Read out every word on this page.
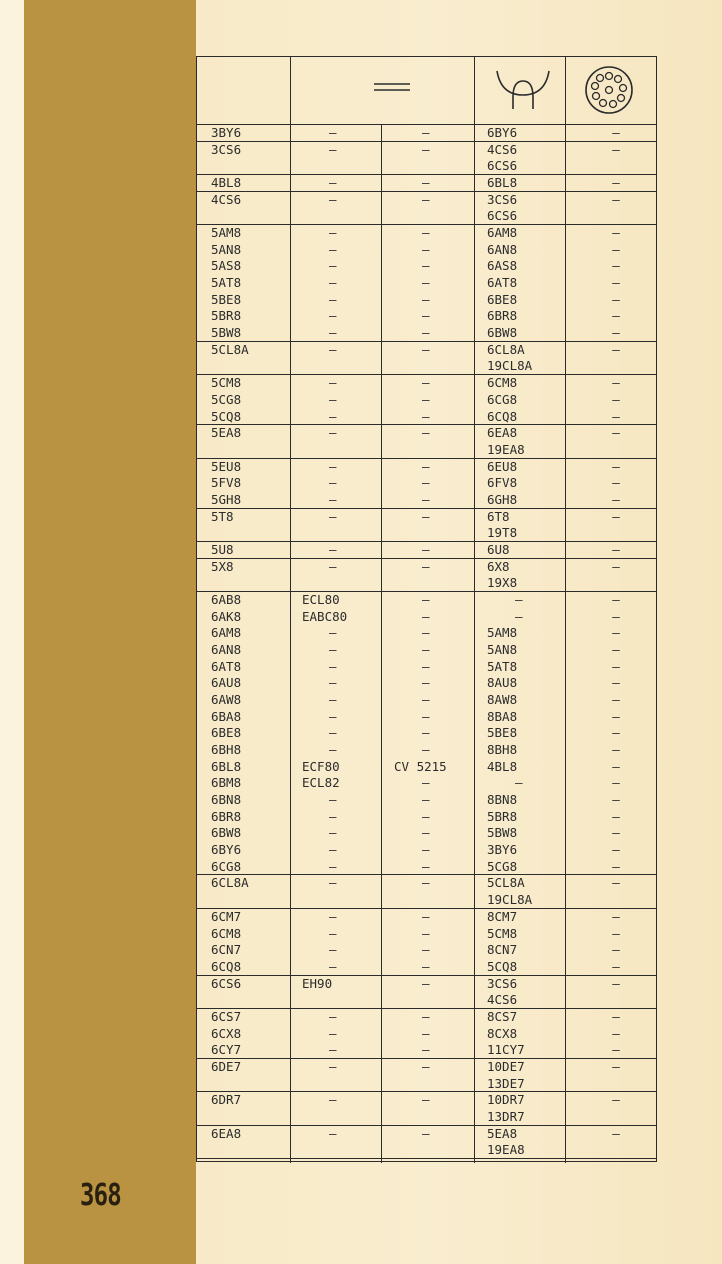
368
3BY6	–	–	6BY6	–
3CS6	–	–	4CS6	–
6CS6
4BL8	–	–	6BL8	–
4CS6	–	–	3CS6	–
6CS6
5AM8	–	–	6AM8	–
5AN8	–	–	6AN8	–
5AS8	–	–	6AS8	–
5AT8	–	–	6AT8	–
5BE8	–	–	6BE8	–
5BR8	–	–	6BR8	–
5BW8	–	–	6BW8	–
5CL8A	–	–	6CL8A	–
19CL8A
5CM8	–	–	6CM8	–
5CG8	–	–	6CG8	–
5CQ8	–	–	6CQ8	–
5EA8	–	–	6EA8	–
19EA8
5EU8	–	–	6EU8	–
5FV8	–	–	6FV8	–
5GH8	–	–	6GH8	–
5T8	–	–	6T8	–
19T8
5U8	–	–	6U8	–
5X8	–	–	6X8	–
19X8
6AB8	ECL80	–	–	–
6AK8	EABC80	–	–	–
6AM8	–	–	5AM8	–
6AN8	–	–	5AN8	–
6AT8	–	–	5AT8	–
6AU8	–	–	8AU8	–
6AW8	–	–	8AW8	–
6BA8	–	–	8BA8	–
6BE8	–	–	5BE8	–
6BH8	–	–	8BH8	–
6BL8	ECF80	CV 5215	4BL8	–
6BM8	ECL82	–	–	–
6BN8	–	–	8BN8	–
6BR8	–	–	5BR8	–
6BW8	–	–	5BW8	–
6BY6	–	–	3BY6	–
6CG8	–	–	5CG8	–
6CL8A	–	–	5CL8A	–
19CL8A
6CM7	–	–	8CM7	–
6CM8	–	–	5CM8	–
6CN7	–	–	8CN7	–
6CQ8	–	–	5CQ8	–
6CS6	EH90	–	3CS6	–
4CS6
6CS7	–	–	8CS7	–
6CX8	–	–	8CX8	–
6CY7	–	–	11CY7	–
6DE7	–	–	10DE7	–
13DE7
6DR7	–	–	10DR7	–
13DR7
6EA8	–	–	5EA8	–
19EA8
